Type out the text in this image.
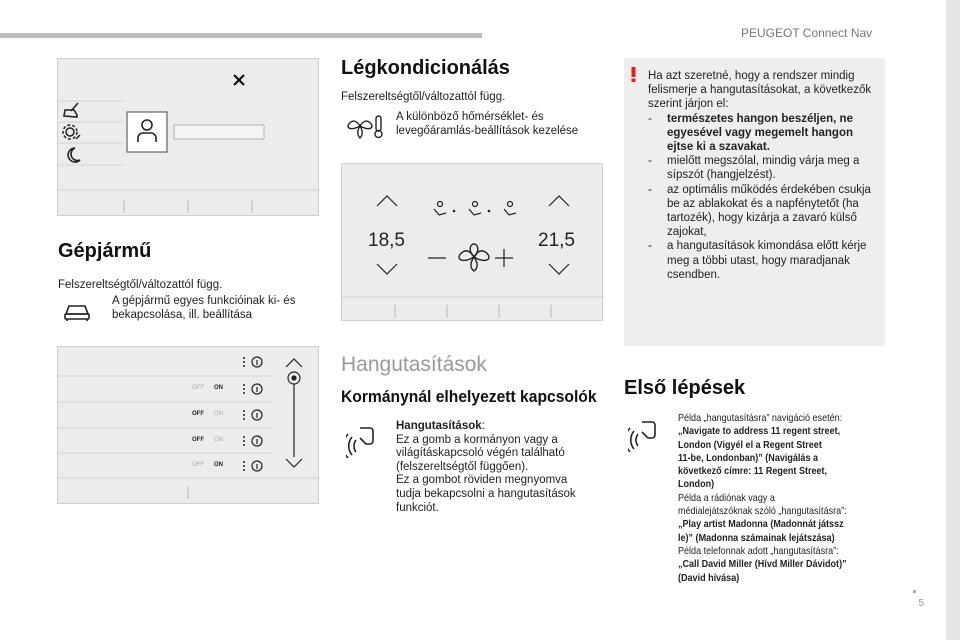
PEUGEOT Connect Nav
5
Gépjármű
Felszereltségtől/változattól függ.
A gépjármű egyes funkcióinak ki- és bekapcsolása, ill. beállítása
OFF ON
OFF ON
OFF ON
OFF ON
Légkondicionálás
Felszereltségtől/változattól függ.
A különböző hőmérséklet- és levegőáramlás-beállítások kezelése
18,5	21,5
Hangutasítások
Kormánynál elhelyezett kapcsolók
Hangutasítások:
Ez a gomb a kormányon vagy a
világításkapcsoló végén található
(felszereltségtől függően).
Ez a gombot röviden megnyomva
tudja bekapcsolni a hangutasítások
funkciót.
Ha azt szeretné, hogy a rendszer mindig felismerje a hangutasításokat, a következők szerint járjon el:
- természetes hangon beszéljen, ne egyesével vagy megemelt hangon ejtse ki a szavakat.
- mielőtt megszólal, mindig várja meg a sípszót (hangjelzést).
- az optimális működés érdekében csukja be az ablakokat és a napfénytetőt (ha tartozék), hogy kizárja a zavaró külső zajokat,
- a hangutasítások kimondása előtt kérje meg a többi utast, hogy maradjanak csendben.
Első lépések
Példa „hangutasításra” navigáció esetén:
„Navigate to address 11 regent street,
London (Vigyél el a Regent Street
11-be, Londonban)” (Navigálás a
következő címre: 11 Regent Street,
London)
Példa a rádiónak vagy a
médialejátszóknak szóló „hangutasításra”:
„Play artist Madonna (Madonnát játssz
le)” (Madonna számainak lejátszása)
Példa telefonnak adott „hangutasításra”:
„Call David Miller (Hívd Miller Dávidot)”
(David hívása)
